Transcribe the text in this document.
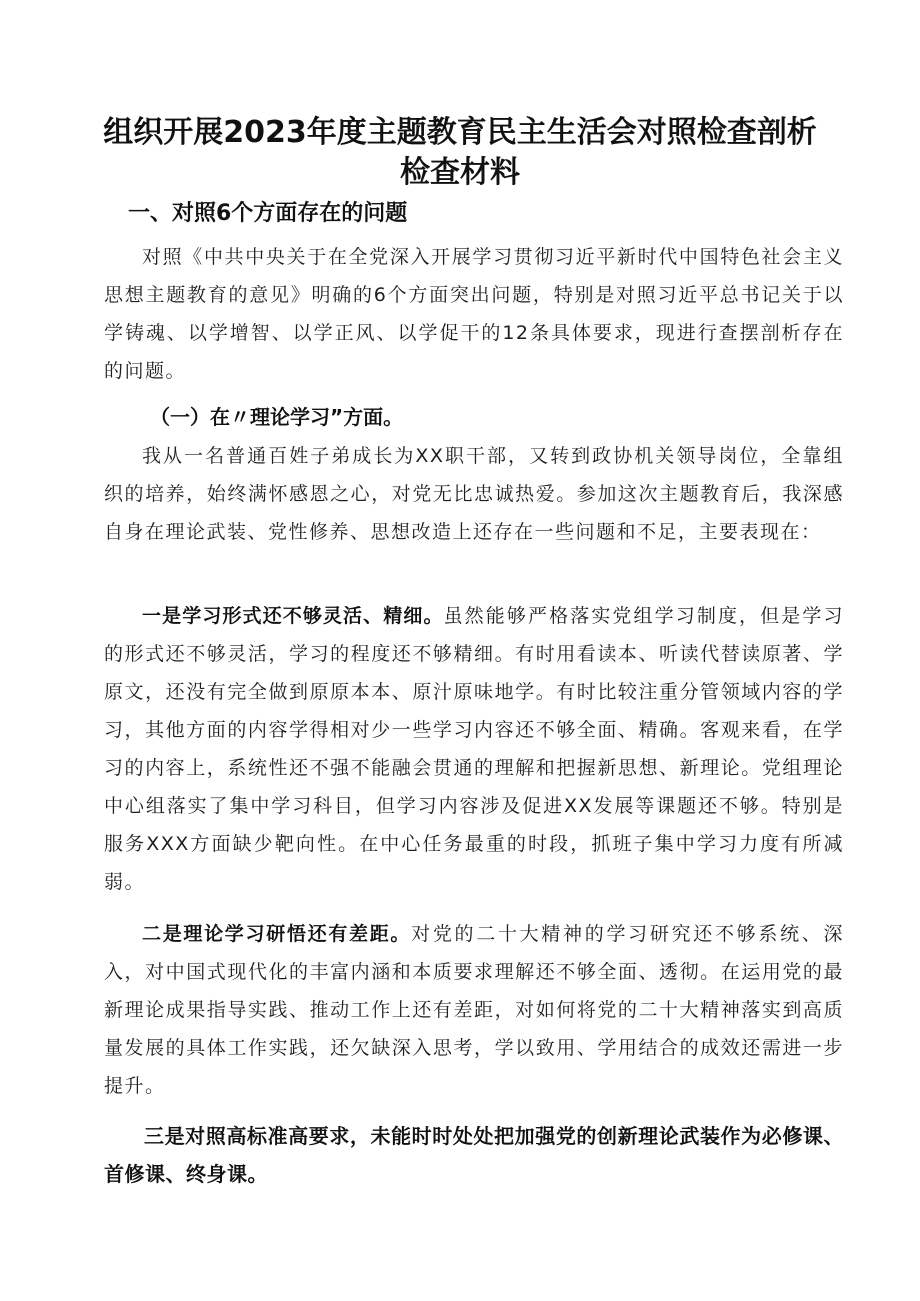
组织开展2023年度主题教育民主生活会对照检查剖析
检查材料
一、对照6个方面存在的问题

对照《中共中央关于在全党深入开展学习贯彻习近平新时代中国特色社会主义思想主题教育的意见》明确的6个方面突出问题，特别是对照习近平总书记关于以学铸魂、以学增智、以学正风、以学促干的12条具体要求，现进行查摆剖析存在的问题。

（一）在〃理论学习”方面。

我从一名普通百姓子弟成长为XX职干部，又转到政协机关领导岗位，全靠组织的培养，始终满怀感恩之心，对党无比忠诚热爱。参加这次主题教育后，我深感自身在理论武装、党性修养、思想改造上还存在一些问题和不足，主要表现在：

一是学习形式还不够灵活、精细。虽然能够严格落实党组学习制度，但是学习的形式还不够灵活，学习的程度还不够精细。有时用看读本、听读代替读原著、学原文，还没有完全做到原原本本、原汁原味地学。有时比较注重分管领域内容的学习，其他方面的内容学得相对少一些学习内容还不够全面、精确。客观来看，在学习的内容上，系统性还不强不能融会贯通的理解和把握新思想、新理论。党组理论中心组落实了集中学习科目，但学习内容涉及促进XX发展等课题还不够。特别是服务XXX方面缺少靶向性。在中心任务最重的时段，抓班子集中学习力度有所减弱。

二是理论学习研悟还有差距。对党的二十大精神的学习研究还不够系统、深入，对中国式现代化的丰富内涵和本质要求理解还不够全面、透彻。在运用党的最新理论成果指导实践、推动工作上还有差距，对如何将党的二十大精神落实到高质量发展的具体工作实践，还欠缺深入思考，学以致用、学用结合的成效还需进一步提升。

三是对照高标准高要求，未能时时处处把加强党的创新理论武装作为必修课、首修课、终身课。
